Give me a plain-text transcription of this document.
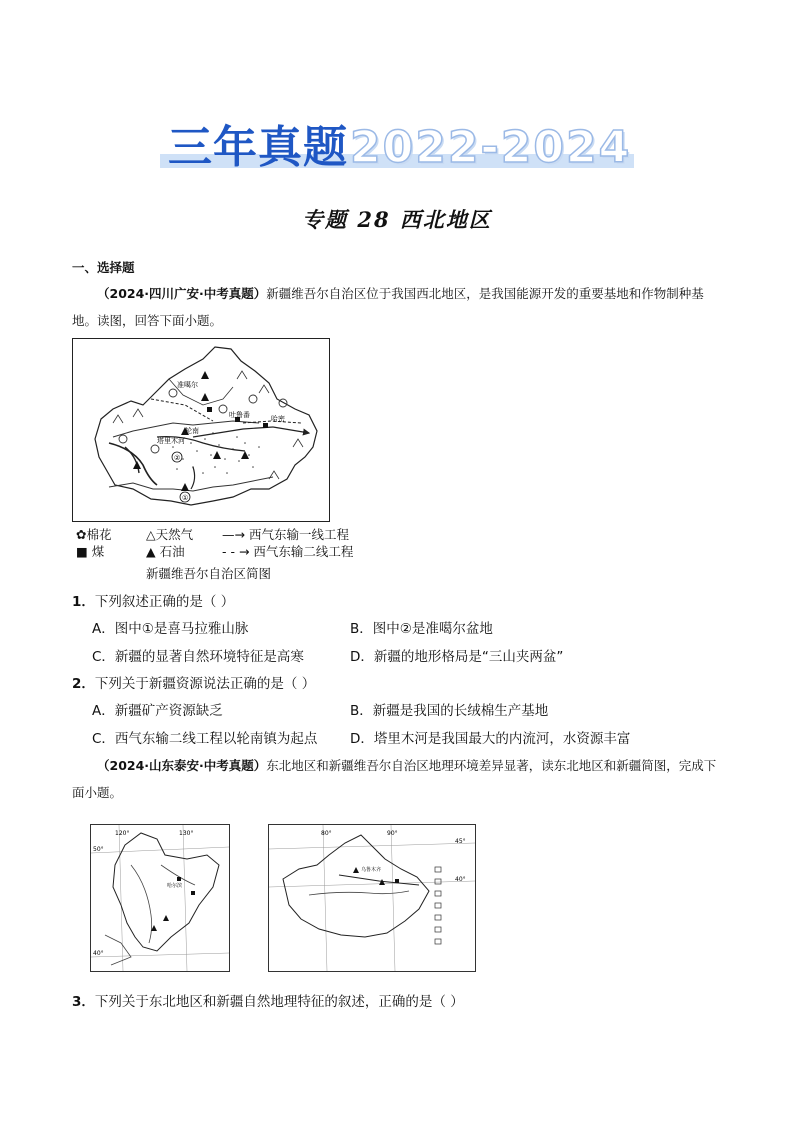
三年真题 2022-2024
专题 28 西北地区
一、选择题
（2024·四川广安·中考真题）新疆维吾尔自治区位于我国西北地区，是我国能源开发的重要基地和作物制种基地。读图，回答下面小题。
准噶尔
吐鲁番	哈密
轮南
塔里木河
①
②
✿棉花	△天然气	—→ 西气东输一线工程
■ 煤	▲ 石油	- - → 西气东输二线工程
新疆维吾尔自治区简图
1．下列叙述正确的是（ ）
A．图中①是喜马拉雅山脉	B．图中②是准噶尔盆地
C．新疆的显著自然环境特征是高寒	D．新疆的地形格局是“三山夹两盆”
2．下列关于新疆资源说法正确的是（ ）
A．新疆矿产资源缺乏	B．新疆是我国的长绒棉生产基地
C．西气东输二线工程以轮南镇为起点 D．塔里木河是我国最大的内流河，水资源丰富
（2024·山东泰安·中考真题）东北地区和新疆维吾尔自治区地理环境差异显著，读东北地区和新疆简图，完成下面小题。
120°	130°
50°
40°
哈尔滨
80°	90°
45°
40°
乌鲁木齐
3．下列关于东北地区和新疆自然地理特征的叙述，正确的是（ ）
